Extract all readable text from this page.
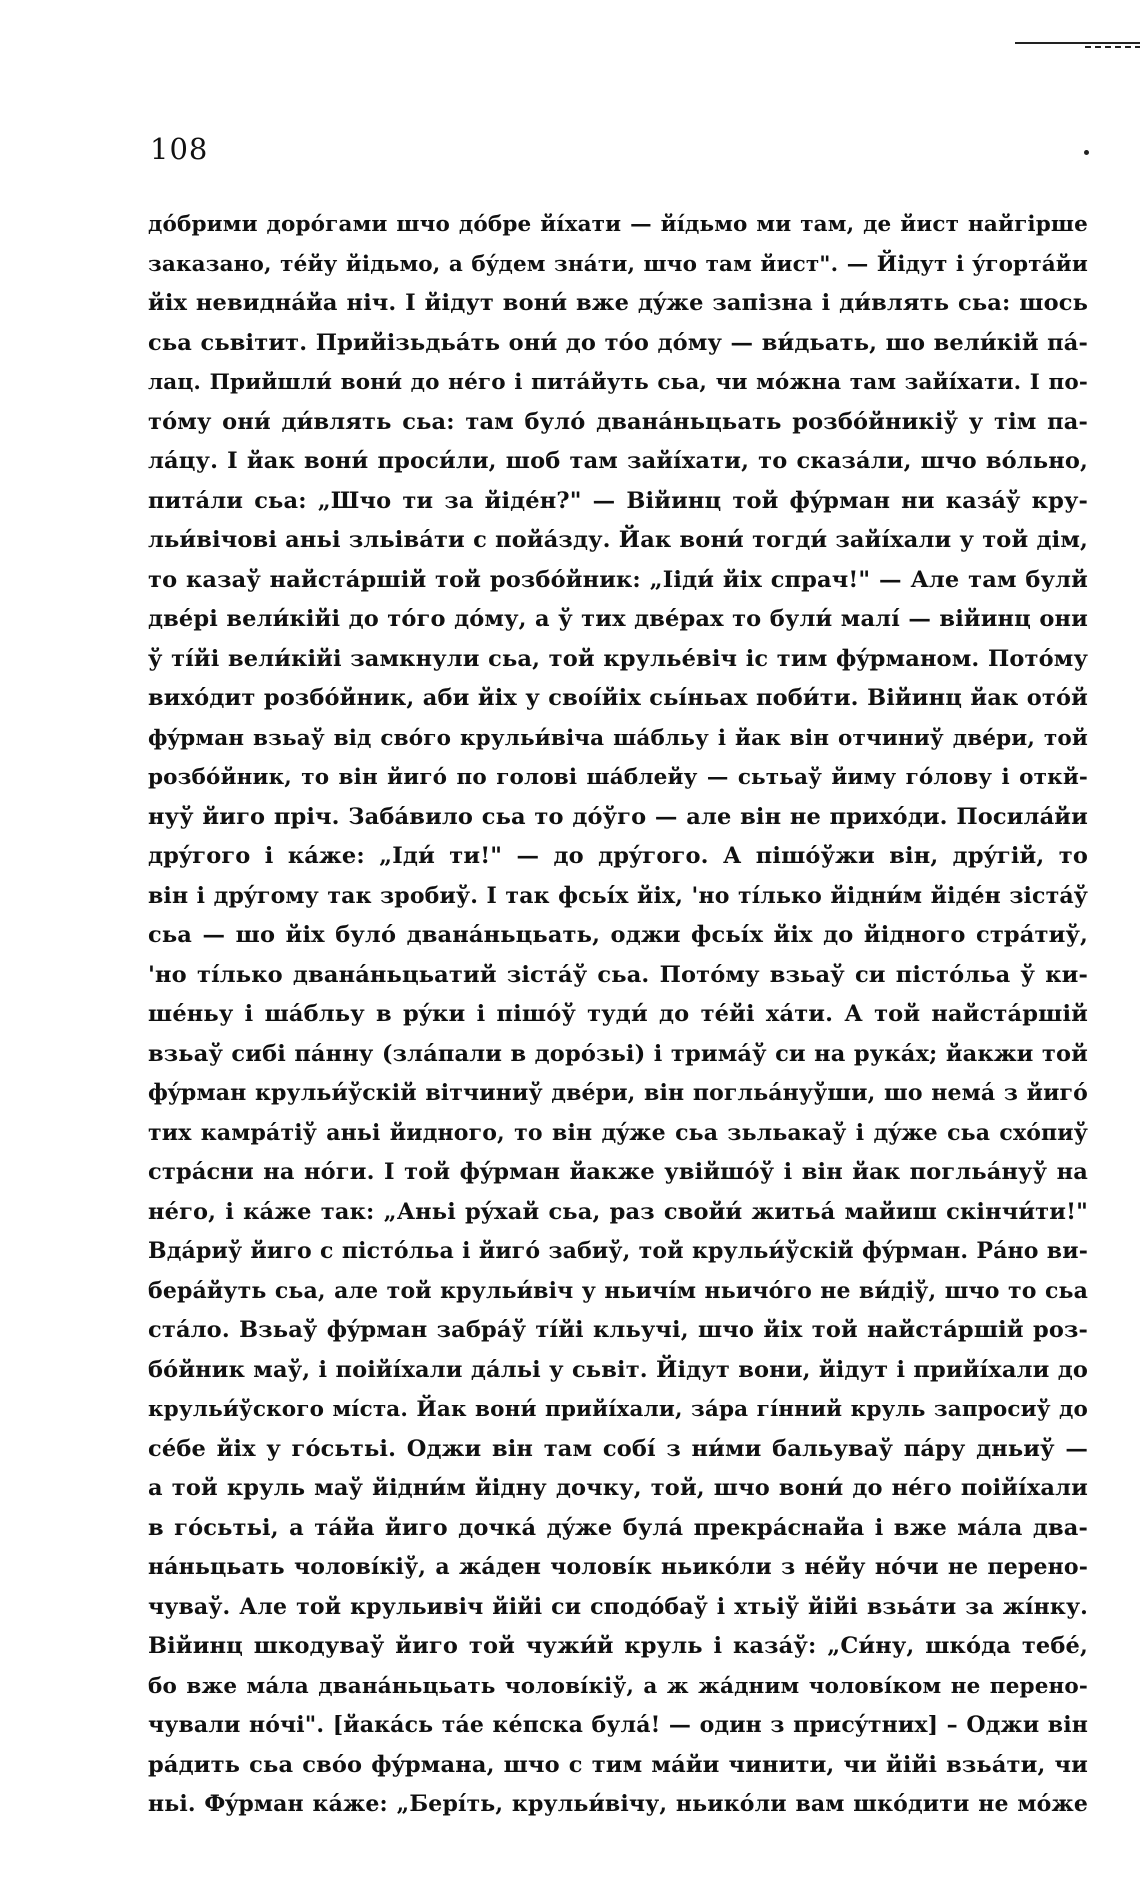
108
дóбрими дорóгами шчо дóбре йíхати — йíдьмо ми там, де йист найгірше
заказано, тéйу йідьмо, а бýдем знáти, шчо там йист". — Йідут і ýгортáйи
йіх невидна́йа ніч. І йідут вони́ вже дýже запізна і ди́влять сьа: шось
сьа сьвітит. Прийізьдьáть они́ до тóо дóму — ви́дьать, шо вели́кій пá-
лац. Прийшли́ вони́ до нéго і питáйуть сьа, чи мóжна там зайíхати. І по-
тóму они́ ди́влять сьа: там булó дванáньцьать розбóйникіў у тім па-
лáцу. І йак вони́ проси́ли, шоб там зайíхати, то сказáли, шчо вóльно,
питáли сьа: „Шчо ти за йідéн?" — Війинц той фýрман ни казáў кру-
льи́вічові аньі зльівáти с пойáзду. Йак вони́ тогди́ зайíхали у той дім,
то казаў найстáршій той розбóйник: „Ііди́ йіх спрач!" — Але там булй
двéрі вели́кійі до тóго дóму, а ў тих двéрах то були́ малí — війинц они
ў тíйі вели́кійі замкнули сьа, той крульéвіч іс тим фýрманом. Потóму
вихóдит розбóйник, аби йіх у своíйіх сьíньах поби́ти. Війинц йак отóй
фýрман взьаў від свóго крульи́віча шáбльу і йак він отчиниў двéри, той
розбóйник, то він йигó по голові шáблейу — сьтьаў йиму гóлову і откй-
нуў йиго пріч. Забáвило сьа то дóўго — але він не прихóди. Посилáйи
дрýгого і кáже: „Іди́ ти!" — до дрýгого. А пішóўжи він, дрýгій, то
він і дрýгому так зробиў. І так фсьíх йіх, 'но тíлько йідни́м йідéн зістáў
сьа — шо йіх булó дванáньцьать, оджи фсьíх йіх до йідного стрáтиў,
'но тíлько дванáньцьатий зістáў сьа. Потóму взьаў си пістóльа ў ки-
шéньу і шáбльу в рýки і пішóў туди́ до тéйі хáти. А той найстáршій
взьаў сибі пáнну (злáпали в дорóзьі) і тримáў си на рукáх; йакжи той
фýрман крульи́ўскій вітчиниў двéри, він погльáнуўши, шо немá з йигó
тих камрáтіў аньі йидного, то він дýже сьа зьльакаў і дýже сьа схóпиў
стрáсни на нóги. І той фýрман йакже увійшóў і він йак погльáнуў на
нéго, і кáже так: „Аньі рýхай сьа, раз свойи́ житьá майиш скінчи́ти!"
Вдáриў йиго с пістóльа і йигó забиў, той крульи́ўскій фýрман. Рáно ви-
берáйуть сьа, але той крульи́віч у ньичíм ньичóго не ви́діў, шчо то сьа
стáло. Взьаў фýрман забрáў тíйі кльучі, шчо йіх той найстáршій роз-
бóйник маў, і поійíхали дáльі у сьвіт. Йідут вони, йідут і прийíхали до
крульи́ўского мíста. Йак вони́ прийíхали, зáра гíнний круль запросиў до
сéбе йіх у гóсьтьі. Оджи він там собí з ни́ми бальуваў пáру дньиў —
а той круль маў йідни́м йідну дочку, той, шчо вони́ до нéго поійíхали
в гóсьтьі, а тáйа йиго дочкá дýже булá прекрáснайа і вже мáла два-
нáньцьать чоловíкіў, а жáден чоловíк ньикóли з нéйу нóчи не перено-
чуваў. Але той крульивіч йійі си сподóбаў і хтьіў йійі взьáти за жíнку.
Війинц шкодуваў йиго той чужи́й круль і казáў: „Си́ну, шкóда тебé,
бо вже мáла дванáньцьать чоловíкіў, а ж жáдним чоловíком не перено-
чували нóчі". [йакáсь тáе кéпска булá! — один з присýтних] – Оджи він
рáдить сьа свóо фýрмана, шчо с тим мáйи чинити, чи йійі взьáти, чи
ньі. Фýрман кáже: „Берíть, крульи́вічу, ньикóли вам шкóдити не мóже
